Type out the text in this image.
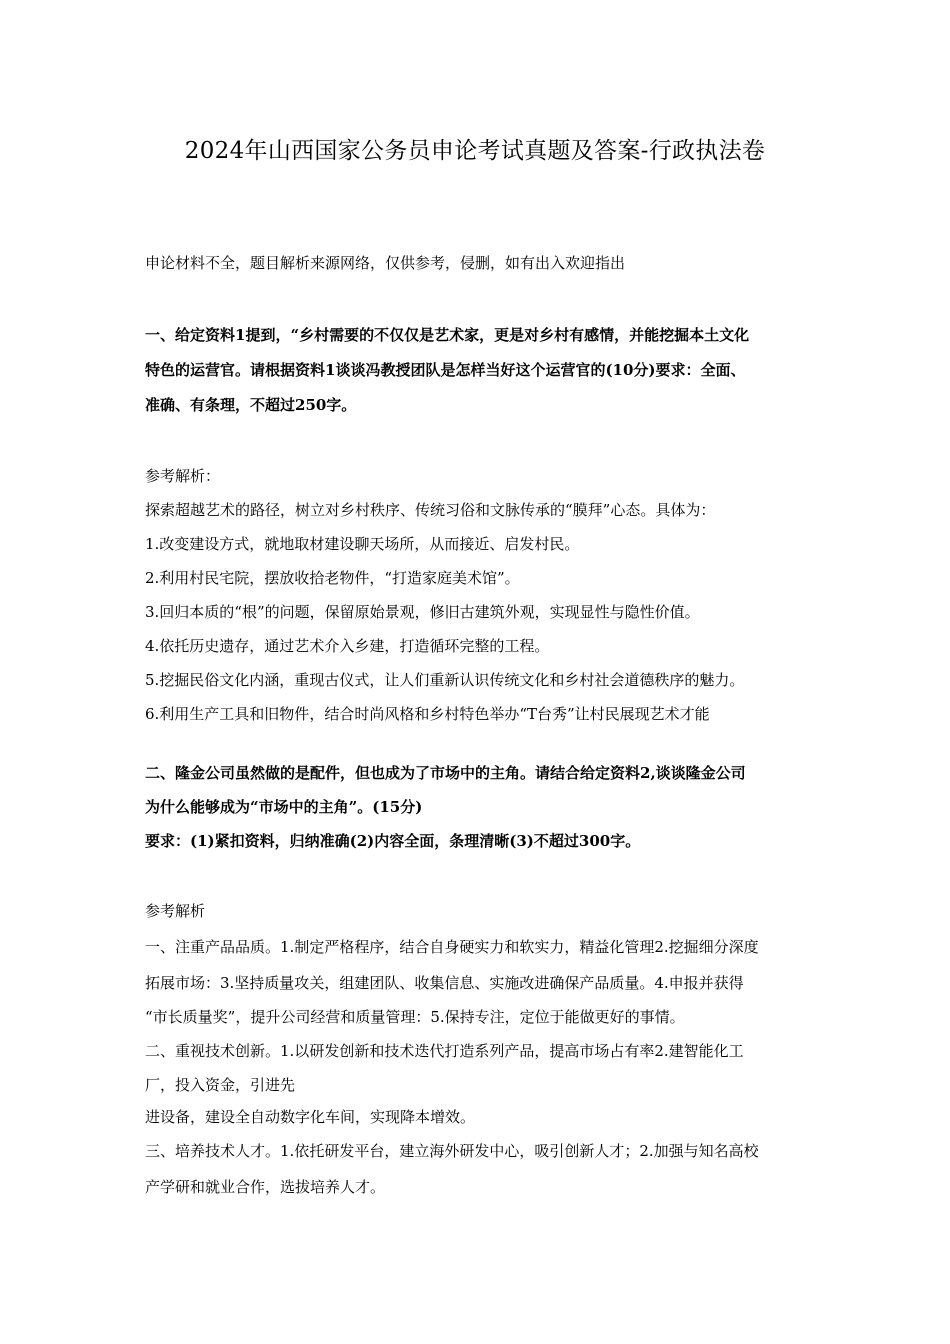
2024年山西国家公务员申论考试真题及答案-行政执法卷

申论材料不全，题目解析来源网络，仅供参考，侵删，如有出入欢迎指出

一、给定资料1提到，“乡村需要的不仅仅是艺术家，更是对乡村有感情，并能挖掘本土文化
特色的运营官。请根据资料1谈谈冯教授团队是怎样当好这个运营官的(10分)要求：全面、
准确、有条理，不超过250字。
参考解析：
探索超越艺术的路径，树立对乡村秩序、传统习俗和文脉传承的“膜拜”心态。具体为：
1.改变建设方式，就地取材建设聊天场所，从而接近、启发村民。
2.利用村民宅院，摆放收拾老物件，“打造家庭美术馆”。
3.回归本质的“根”的问题，保留原始景观，修旧古建筑外观，实现显性与隐性价值。
4.依托历史遗存，通过艺术介入乡建，打造循环完整的工程。
5.挖掘民俗文化内涵，重现古仪式，让人们重新认识传统文化和乡村社会道德秩序的魅力。
6.利用生产工具和旧物件，结合时尚风格和乡村特色举办“T台秀”让村民展现艺术才能
二、隆金公司虽然做的是配件，但也成为了市场中的主角。请结合给定资料2,谈谈隆金公司
为什么能够成为“市场中的主角”。(15分)
要求：(1)紧扣资料，归纳准确(2)内容全面，条理清晰(3)不超过300字。
参考解析
一、注重产品品质。1.制定严格程序，结合自身硬实力和软实力，精益化管理2.挖掘细分深度
拓展市场：3.坚持质量攻关，组建团队、收集信息、实施改进确保产品质量。4.申报并获得
“市长质量奖”，提升公司经营和质量管理：5.保持专注，定位于能做更好的事情。
二、重视技术创新。1.以研发创新和技术迭代打造系列产品，提高市场占有率2.建智能化工
厂，投入资金，引进先
进设备，建设全自动数字化车间，实现降本增效。
三、培养技术人才。1.依托研发平台，建立海外研发中心，吸引创新人才；2.加强与知名高校
产学研和就业合作，选拔培养人才。
